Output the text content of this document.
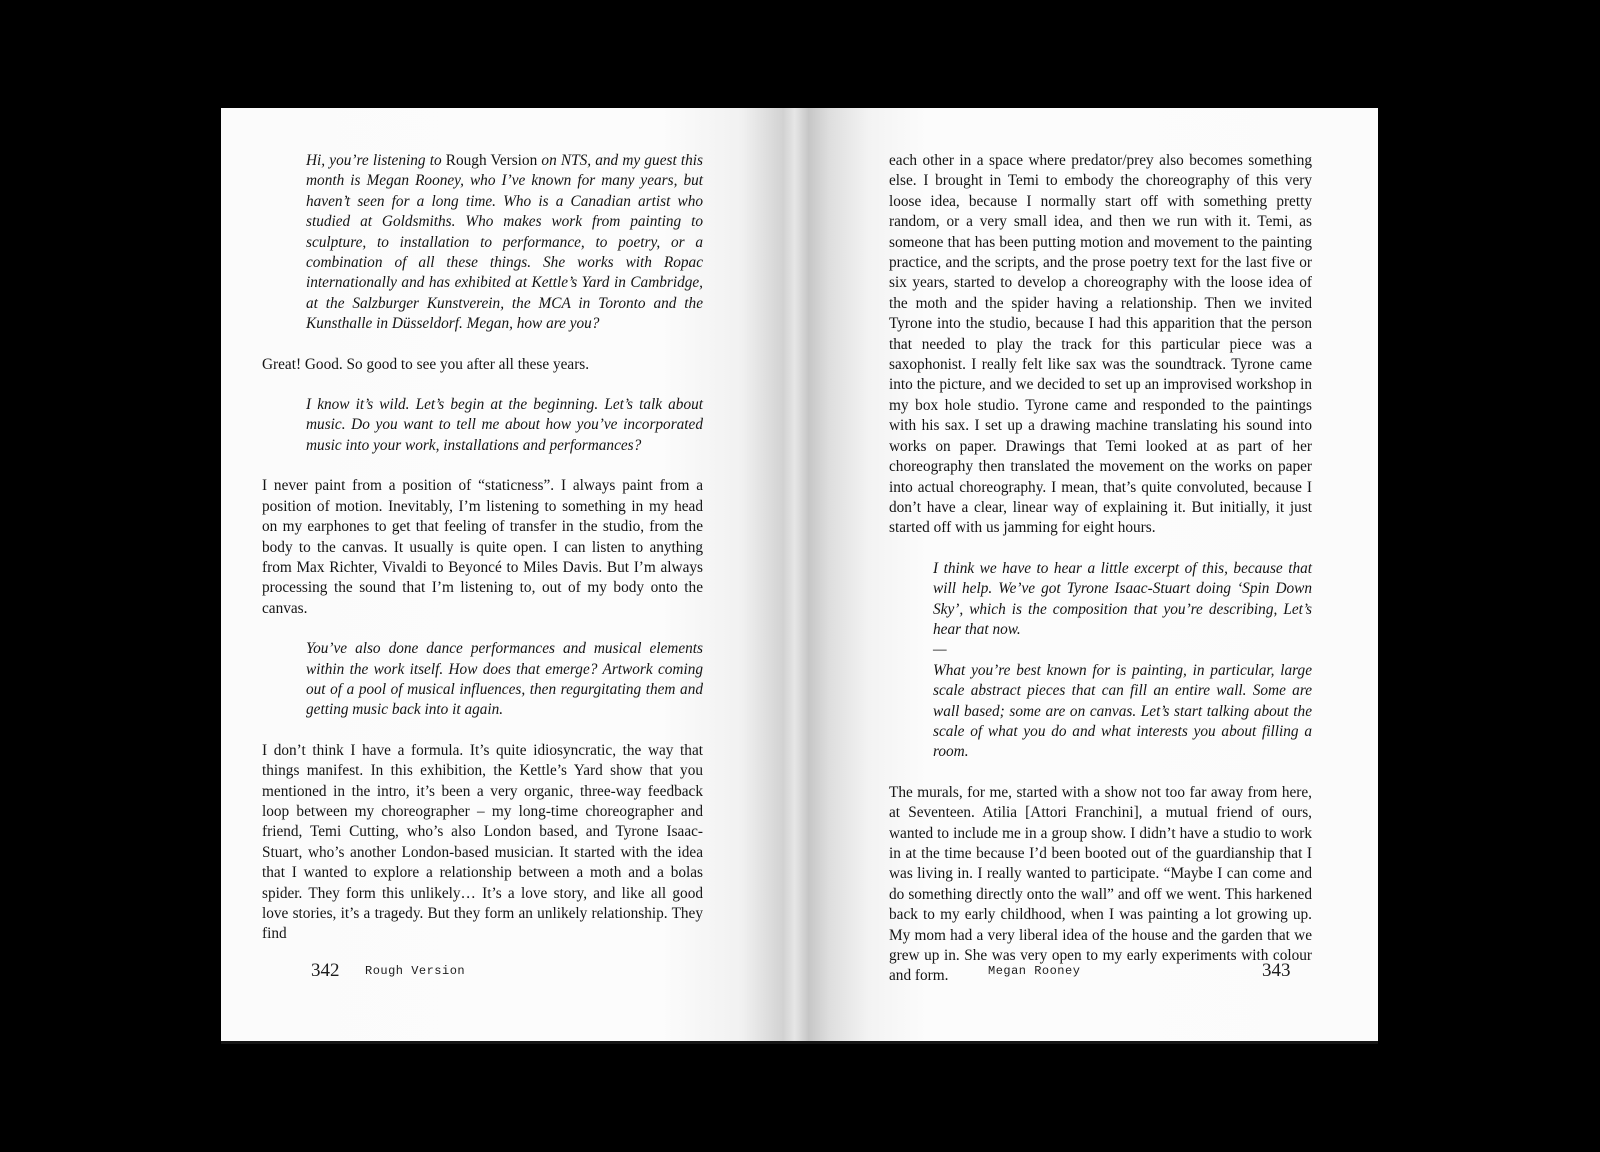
Hi, you’re listening to Rough Version on NTS, and my guest this month is Megan Rooney, who I’ve known for many years, but haven’t seen for a long time. Who is a Canadian artist who studied at Goldsmiths. Who makes work from painting to sculpture, to installation to performance, to poetry, or a combination of all these things. She works with Ropac internationally and has exhibited at Kettle’s Yard in Cambridge, at the Salzburger Kunstverein, the MCA in Toronto and the Kunsthalle in Düsseldorf. Megan, how are you?

Great! Good. So good to see you after all these years.

I know it’s wild. Let’s begin at the beginning. Let’s talk about music. Do you want to tell me about how you’ve incorporated music into your work, installations and performances?

I never paint from a position of “staticness”. I always paint from a position of motion. Inevitably, I’m listening to something in my head on my earphones to get that feeling of transfer in the studio, from the body to the canvas. It usually is quite open. I can listen to anything from Max Richter, Vivaldi to Beyoncé to Miles Davis. But I’m always processing the sound that I’m listening to, out of my body onto the canvas.

You’ve also done dance performances and musical elements within the work itself. How does that emerge? Artwork coming out of a pool of musical influences, then regurgitating them and getting music back into it again.

I don’t think I have a formula. It’s quite idiosyncratic, the way that things manifest. In this exhibition, the Kettle’s Yard show that you mentioned in the intro, it’s been a very organic, three-way feedback loop between my choreographer – my long-time choreographer and friend, Temi Cutting, who’s also London based, and Tyrone Isaac-Stuart, who’s another London-based musician. It started with the idea that I wanted to explore a relationship between a moth and a bolas spider. They form this unlikely… It’s a love story, and like all good love stories, it’s a tragedy. But they form an unlikely relationship. They find

342 Rough Version

each other in a space where predator/prey also becomes something else. I brought in Temi to embody the choreography of this very loose idea, because I normally start off with something pretty random, or a very small idea, and then we run with it. Temi, as someone that has been putting motion and movement to the painting practice, and the scripts, and the prose poetry text for the last five or six years, started to develop a choreography with the loose idea of the moth and the spider having a relationship. Then we invited Tyrone into the studio, because I had this apparition that the person that needed to play the track for this particular piece was a saxophonist. I really felt like sax was the soundtrack. Tyrone came into the picture, and we decided to set up an improvised workshop in my box hole studio. Tyrone came and responded to the paintings with his sax. I set up a drawing machine translating his sound into works on paper. Drawings that Temi looked at as part of her choreography then translated the movement on the works on paper into actual choreography. I mean, that’s quite convoluted, because I don’t have a clear, linear way of explaining it. But initially, it just started off with us jamming for eight hours.

I think we have to hear a little excerpt of this, because that will help. We’ve got Tyrone Isaac-Stuart doing ‘Spin Down Sky’, which is the composition that you’re describing, Let’s hear that now.

—

What you’re best known for is painting, in particular, large scale abstract pieces that can fill an entire wall. Some are wall based; some are on canvas. Let’s start talking about the scale of what you do and what interests you about filling a room.

The murals, for me, started with a show not too far away from here, at Seventeen. Atilia [Attori Franchini], a mutual friend of ours, wanted to include me in a group show. I didn’t have a studio to work in at the time because I’d been booted out of the guardianship that I was living in. I really wanted to participate. “Maybe I can come and do something directly onto the wall” and off we went. This harkened back to my early childhood, when I was painting a lot growing up. My mom had a very liberal idea of the house and the garden that we grew up in. She was very open to my early experiments with colour and form.	Megan Rooney	343
